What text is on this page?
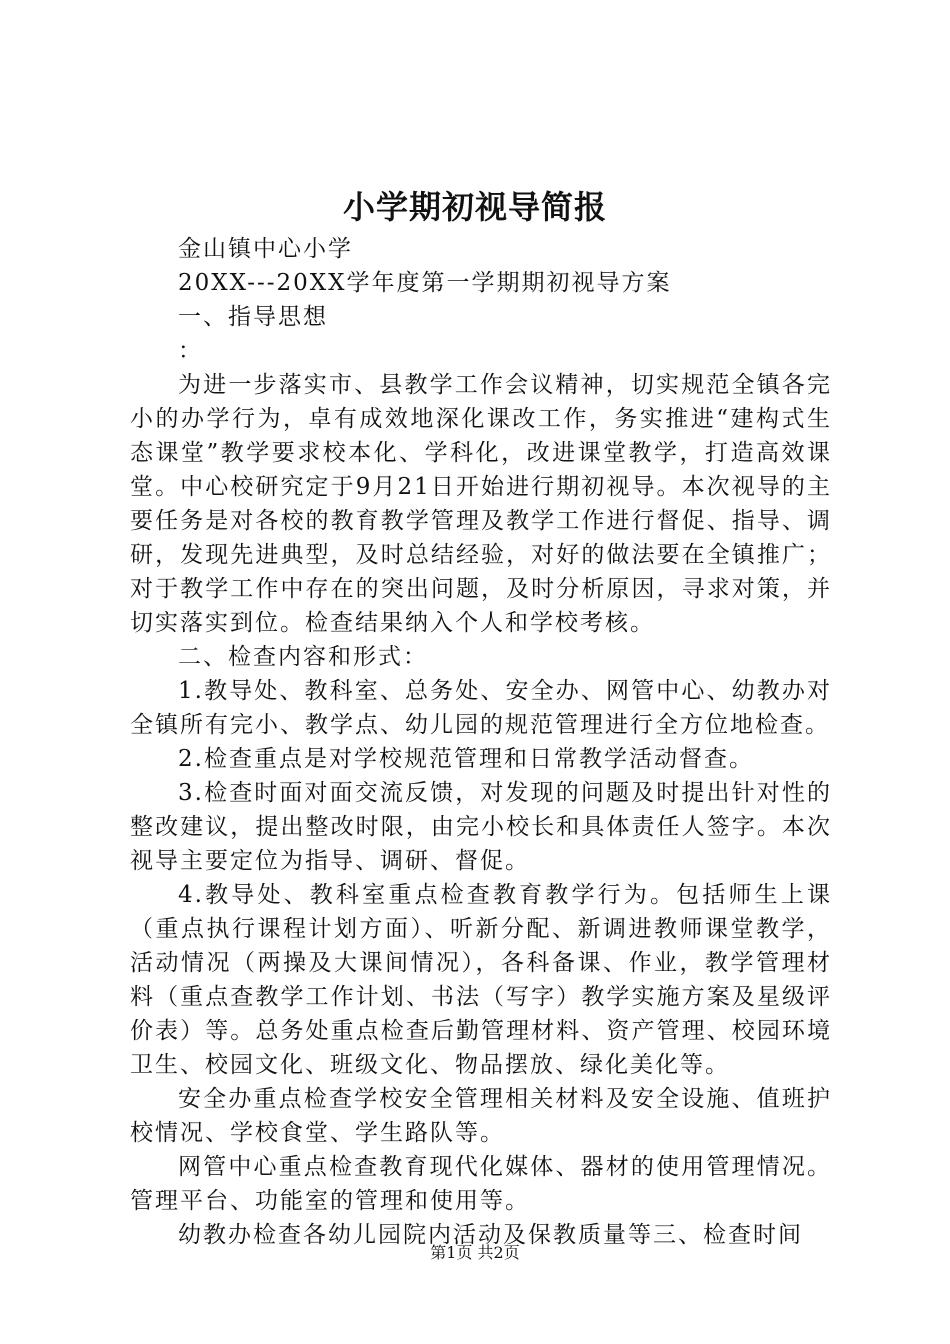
小学期初视导简报

金山镇中心小学

20XX---20XX学年度第一学期期初视导方案

一、指导思想

：

为进一步落实市、县教学工作会议精神，切实规范全镇各完小的办学行为，卓有成效地深化课改工作，务实推进“建构式生态课堂”教学要求校本化、学科化，改进课堂教学，打造高效课堂。中心校研究定于9月21日开始进行期初视导。本次视导的主要任务是对各校的教育教学管理及教学工作进行督促、指导、调研，发现先进典型，及时总结经验，对好的做法要在全镇推广；对于教学工作中存在的突出问题，及时分析原因，寻求对策，并切实落实到位。检查结果纳入个人和学校考核。

二、检查内容和形式：

1.教导处、教科室、总务处、安全办、网管中心、幼教办对全镇所有完小、教学点、幼儿园的规范管理进行全方位地检查。

2.检查重点是对学校规范管理和日常教学活动督查。

3.检查时面对面交流反馈，对发现的问题及时提出针对性的整改建议，提出整改时限，由完小校长和具体责任人签字。本次视导主要定位为指导、调研、督促。

4.教导处、教科室重点检查教育教学行为。包括师生上课（重点执行课程计划方面）、听新分配、新调进教师课堂教学，活动情况（两操及大课间情况），各科备课、作业，教学管理材料（重点查教学工作计划、书法（写字）教学实施方案及星级评价表）等。总务处重点检查后勤管理材料、资产管理、校园环境卫生、校园文化、班级文化、物品摆放、绿化美化等。

安全办重点检查学校安全管理相关材料及安全设施、值班护校情况、学校食堂、学生路队等。

网管中心重点检查教育现代化媒体、器材的使用管理情况。管理平台、功能室的管理和使用等。

幼教办检查各幼儿园院内活动及保教质量等三、检查时间

第1页 共2页
